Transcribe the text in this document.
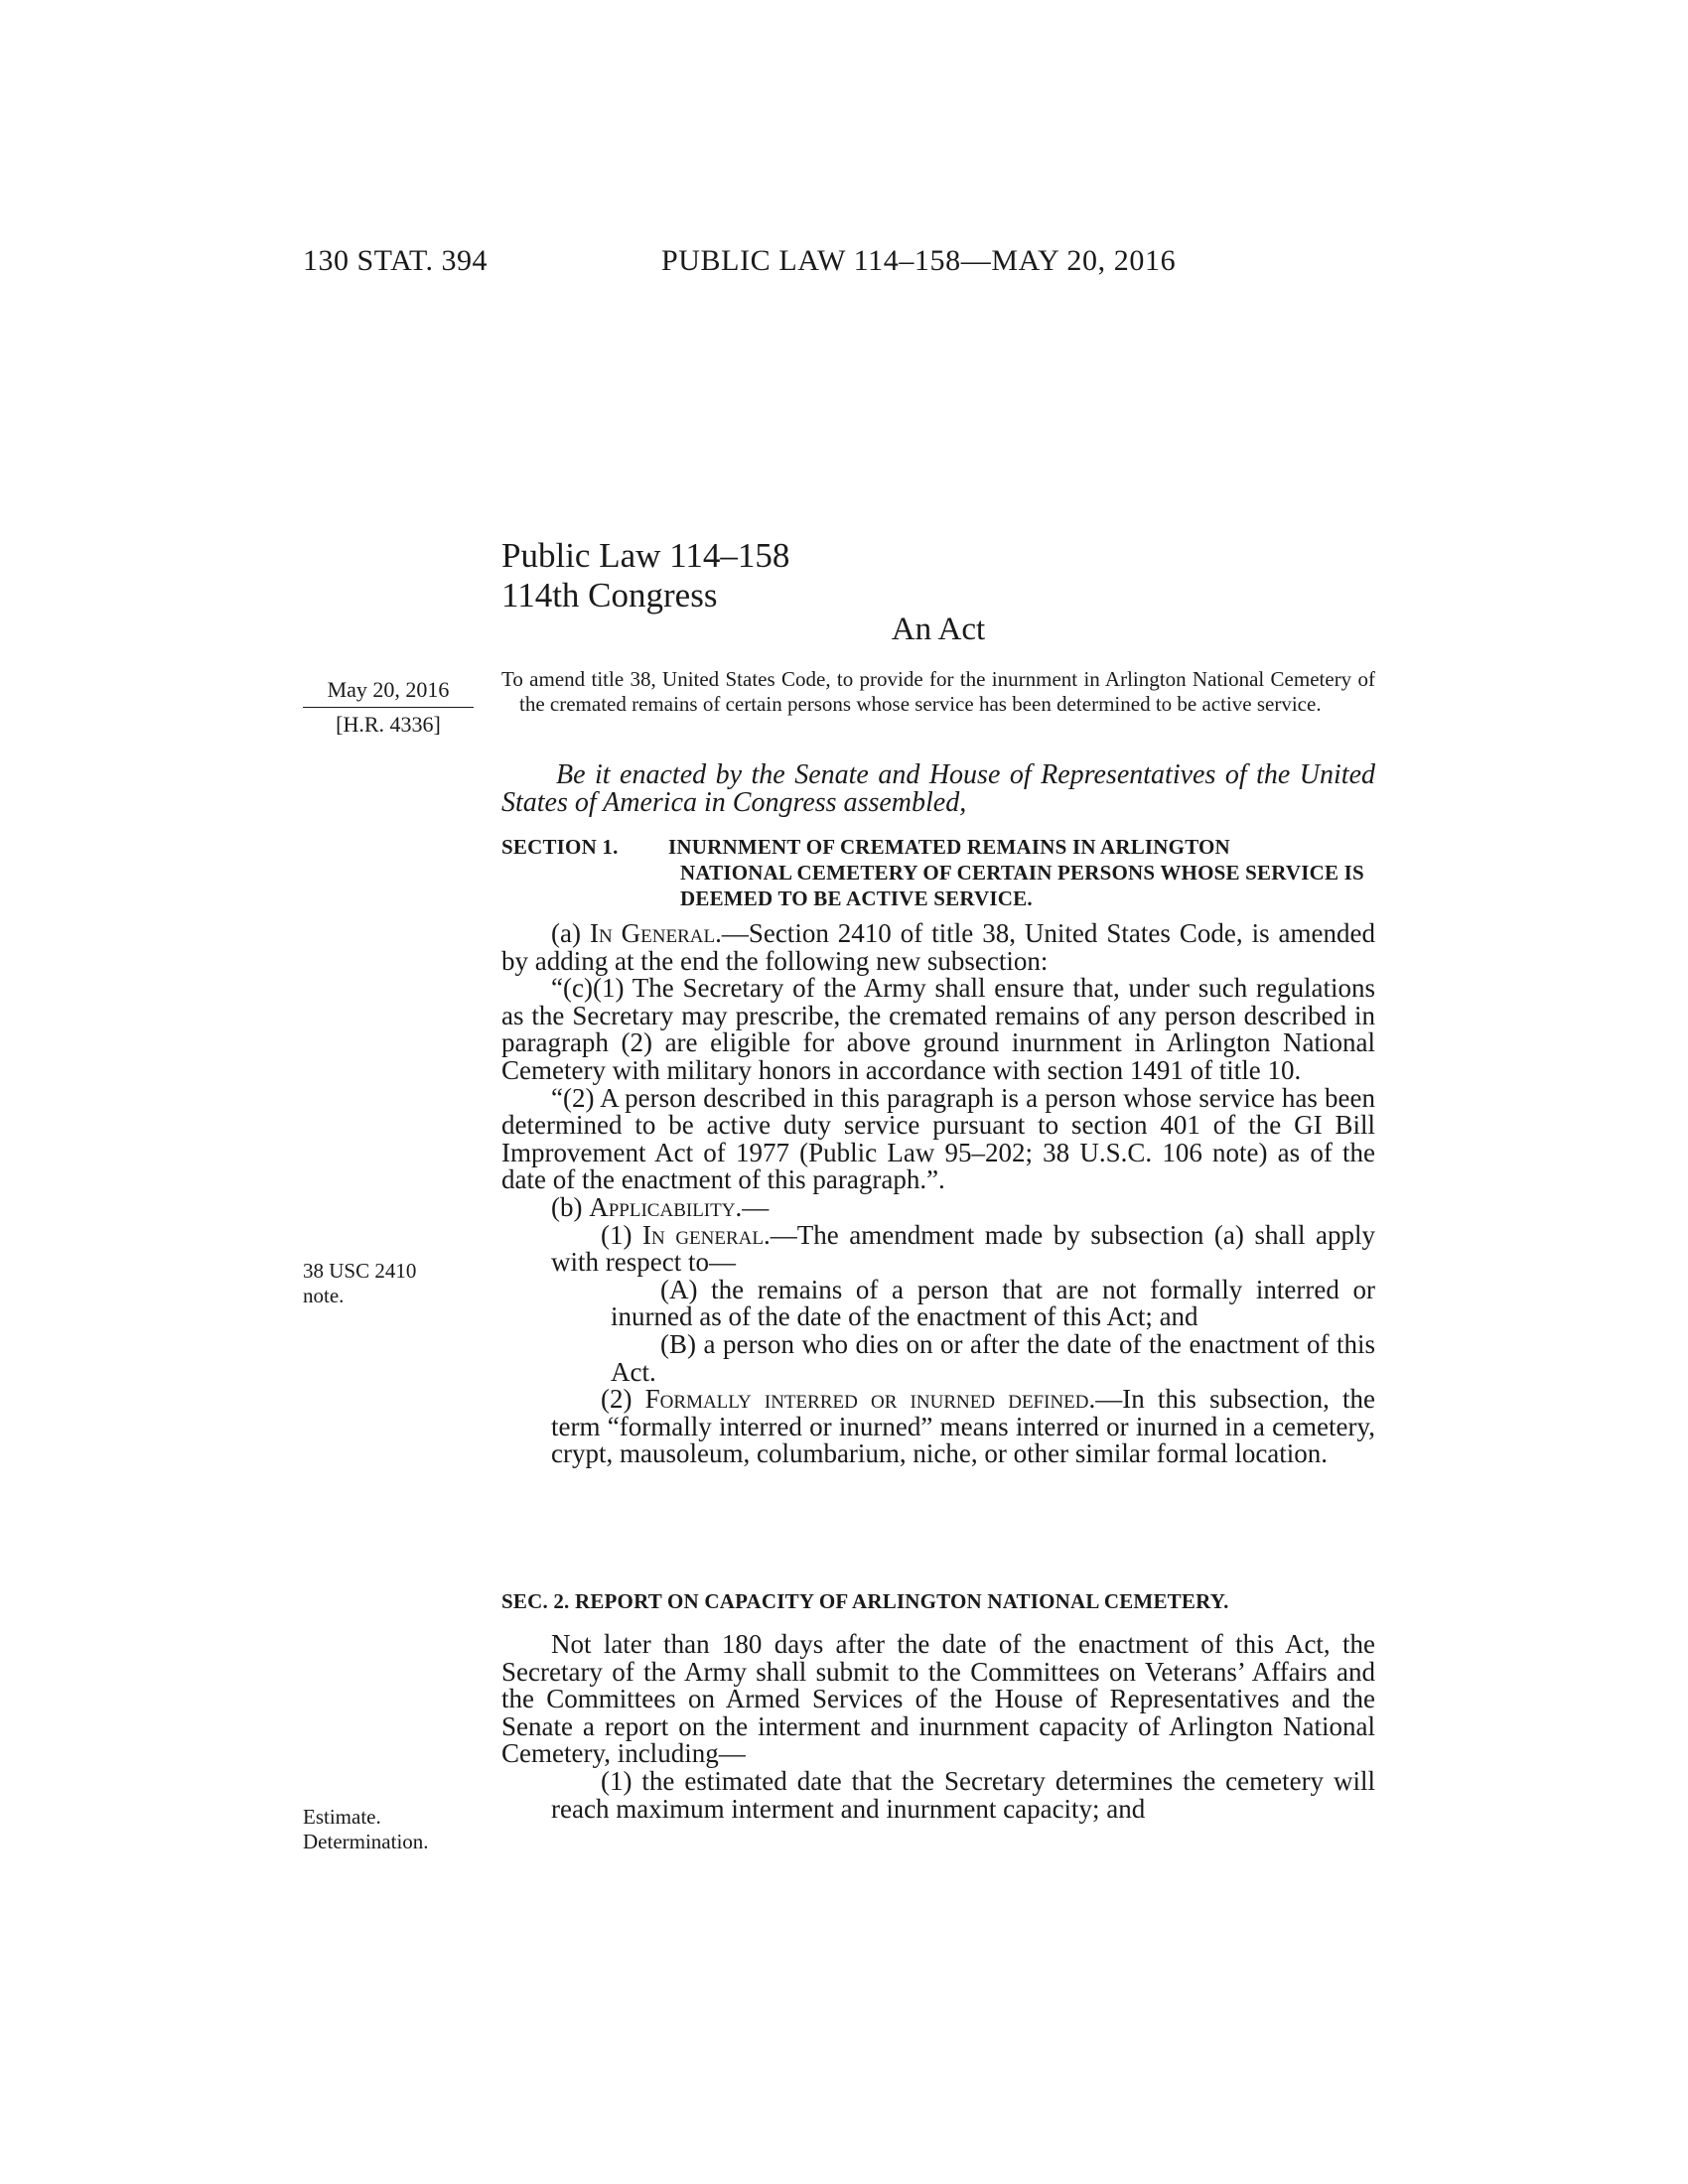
130 STAT. 394	PUBLIC LAW 114–158—MAY 20, 2016
Public Law 114–158
114th Congress
An Act
May 20, 2016
[H.R. 4336]

To amend title 38, United States Code, to provide for the inurnment in Arlington National Cemetery of the cremated remains of certain persons whose service has been determined to be active service.

Be it enacted by the Senate and House of Representatives of the United States of America in Congress assembled,

SECTION 1. INURNMENT OF CREMATED REMAINS IN ARLINGTON
NATIONAL CEMETERY OF CERTAIN PERSONS WHOSE SERVICE IS DEEMED TO BE ACTIVE SERVICE.

(a) In General.—Section 2410 of title 38, United States Code, is amended by adding at the end the following new subsection:

“(c)(1) The Secretary of the Army shall ensure that, under such regulations as the Secretary may prescribe, the cremated remains of any person described in paragraph (2) are eligible for above ground inurnment in Arlington National Cemetery with military honors in accordance with section 1491 of title 10.

“(2) A person described in this paragraph is a person whose service has been determined to be active duty service pursuant to section 401 of the GI Bill Improvement Act of 1977 (Public Law 95–202; 38 U.S.C. 106 note) as of the date of the enactment of this paragraph.”.

(b) Applicability.—

(1) In general.—The amendment made by subsection (a) shall apply with respect to—

(A) the remains of a person that are not formally interred or inurned as of the date of the enactment of this Act; and

(B) a person who dies on or after the date of the enactment of this Act.

(2) Formally interred or inurned defined.—In this subsection, the term “formally interred or inurned” means interred or inurned in a cemetery, crypt, mausoleum, columbarium, niche, or other similar formal location.

38 USC 2410
note.
SEC. 2. REPORT ON CAPACITY OF ARLINGTON NATIONAL CEMETERY.

Not later than 180 days after the date of the enactment of this Act, the Secretary of the Army shall submit to the Committees on Veterans’ Affairs and the Committees on Armed Services of the House of Representatives and the Senate a report on the interment and inurnment capacity of Arlington National Cemetery, including—

(1) the estimated date that the Secretary determines the cemetery will reach maximum interment and inurnment capacity; and

Estimate.
Determination.
